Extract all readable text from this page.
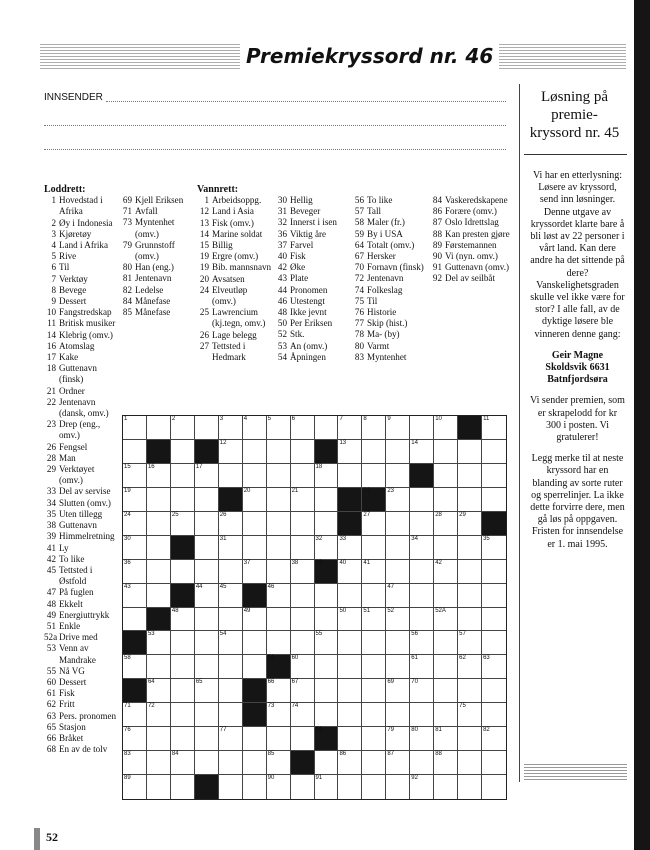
Premiekryssord nr. 46
INNSENDER
Loddrett:
1 Hovedstad i Afrika
2 Øy i Indonesia
3 Kjøretøy
4 Land i Afrika
5 Rive
6 Til
7 Verktøy
8 Bevege
9 Dessert
10 Fangstredskap
11 Britisk musiker
14 Klebrig (omv.)
16 Atomslag
17 Kake
18 Guttenavn (finsk)
21 Ordner
22 Jentenavn (dansk, omv.)
23 Drep (eng., omv.)
26 Fengsel
28 Man
29 Verktøyet (omv.)
33 Del av servise
34 Slutten (omv.)
35 Uten tillegg
38 Guttenavn
39 Himmelretning
41 Ly
42 To like
45 Tettsted i Østfold
47 På fuglen
48 Ekkelt
49 Energiuttrykk
51 Enkle
52a Drive med
53 Venn av Mandrake
55 Nå VG
60 Dessert
61 Fisk
62 Fritt
63 Pers. pronomen
65 Stasjon
66 Bråket
68 En av de tolv
69 Kjell Eriksen
71 Avfall
73 Myntenhet (omv.)
79 Grunnstoff (omv.)
80 Han (eng.)
81 Jentenavn
82 Ledelse
84 Månefase
85 Månefase
Vannrett:
1 Arbeidsoppg.
12 Land i Asia
13 Fisk (omv.)
14 Marine soldat
15 Billig
19 Ergre (omv.)
19 Bib. mannsnavn
20 Avsatsen
24 Elveutløp (omv.)
25 Lawrencium (kj.tegn, omv.)
26 Lage belegg
27 Tettsted i Hedmark
30 Hellig
31 Beveger
32 Innerst i isen
36 Viktig åre
37 Farvel
40 Fisk
42 Øke
43 Plate
44 Pronomen
46 Utestengt
48 Ikke jevnt
50 Per Eriksen
52 Stk.
53 An (omv.)
54 Åpningen
56 To like
57 Tall
58 Maler (fr.)
59 By i USA
64 Totalt (omv.)
67 Hersker
70 Fornavn (finsk)
72 Jentenavn
74 Folkeslag
75 Til
76 Historie
77 Skip (hist.)
78 Ma- (by)
80 Varmt
83 Myntenhet
84 Vaskeredskapene
86 Forære (omv.)
87 Oslo Idrettslag
88 Kan presten gjøre
89 Førstemannen
90 Vi (nyn. omv.)
91 Guttenavn (omv.)
92 Del av seilbåt
1	2	3	4	5	6	7	8	9	10	11
12	13	14
15	16	17	18
19	20	21	22	23
24	25	26	27	28	29
30	31	32	33	34	35
36	37	38	39	40	41	42
43	44	45	46	47
48	49	50	51	52	52A
53	54	55	56	57
58	59	60	61	62	63
64	65	66	67	69	70
71	72	73	74	75
76	77	78	79	80	81	82
83	84	85	86	87	88
89	90	91	92
Løsning på premie-kryssord nr. 45

Vi har en etterlysning: Løsere av kryssord, send inn løsninger. Denne utgave av kryssordet klarte bare å bli løst av 22 personer i vårt land. Kan dere andre ha det sittende på dere? Vanskelighetsgraden skulle vel ikke være for stor? I alle fall, av de dyktige løsere ble vinneren denne gang:

Geir Magne Skoldsvik 6631 Batnfjordsøra

Vi sender premien, som er skrapelodd for kr 300 i posten. Vi gratulerer!

Legg merke til at neste kryssord har en blanding av sorte ruter og sperrelinjer. La ikke dette forvirre dere, men gå løs på oppgaven. Fristen for innsendelse er 1. mai 1995.

52
